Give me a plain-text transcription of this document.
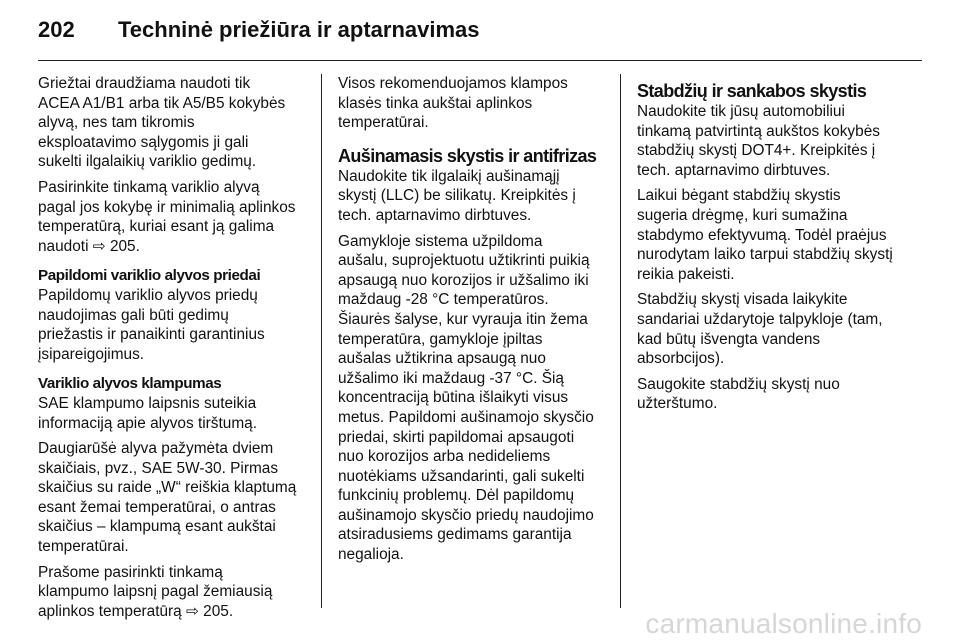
202 Techninė priežiūra ir aptarnavimas

Griežtai draudžiama naudoti tik
ACEA A1/B1 arba tik A5/B5 kokybės
alyvą, nes tam tikromis
eksploatavimo sąlygomis ji gali
sukelti ilgalaikių variklio gedimų.

Pasirinkite tinkamą variklio alyvą
pagal jos kokybę ir minimalią aplinkos
temperatūrą, kuriai esant ją galima
naudoti ⇨ 205.

Papildomi variklio alyvos priedai

Papildomų variklio alyvos priedų
naudojimas gali būti gedimų
priežastis ir panaikinti garantinius
įsipareigojimus.

Variklio alyvos klampumas

SAE klampumo laipsnis suteikia
informaciją apie alyvos tirštumą.

Daugiarūšė alyva pažymėta dviem
skaičiais, pvz., SAE 5W-30. Pirmas
skaičius su raide „W“ reiškia klaptumą
esant žemai temperatūrai, o antras
skaičius – klampumą esant aukštai
temperatūrai.

Prašome pasirinkti tinkamą
klampumo laipsnį pagal žemiausią
aplinkos temperatūrą ⇨ 205.

Visos rekomenduojamos klampos
klasės tinka aukštai aplinkos
temperatūrai.

Aušinamasis skystis ir antifrizas

Naudokite tik ilgalaikį aušinamąjį
skystį (LLC) be silikatų. Kreipkitės į
tech. aptarnavimo dirbtuves.

Gamykloje sistema užpildoma
aušalu, suprojektuotu užtikrinti puikią
apsaugą nuo korozijos ir užšalimo iki
maždaug -28 °C temperatūros.
Šiaurės šalyse, kur vyrauja itin žema
temperatūra, gamykloje įpiltas
aušalas užtikrina apsaugą nuo
užšalimo iki maždaug -37 °C. Šią
koncentraciją būtina išlaikyti visus
metus. Papildomi aušinamojo skysčio
priedai, skirti papildomai apsaugoti
nuo korozijos arba nedideliems
nuotėkiams užsandarinti, gali sukelti
funkcinių problemų. Dėl papildomų
aušinamojo skysčio priedų naudojimo
atsiradusiems gedimams garantija
negalioja.

Stabdžių ir sankabos skystis

Naudokite tik jūsų automobiliui
tinkamą patvirtintą aukštos kokybės
stabdžių skystį DOT4+. Kreipkitės į
tech. aptarnavimo dirbtuves.

Laikui bėgant stabdžių skystis
sugeria drėgmę, kuri sumažina
stabdymo efektyvumą. Todėl praėjus
nurodytam laiko tarpui stabdžių skystį
reikia pakeisti.

Stabdžių skystį visada laikykite
sandariai uždarytoje talpykloje (tam,
kad būtų išvengta vandens
absorbcijos).

Saugokite stabdžių skystį nuo
užterštumo.

carmanualsonline.info
